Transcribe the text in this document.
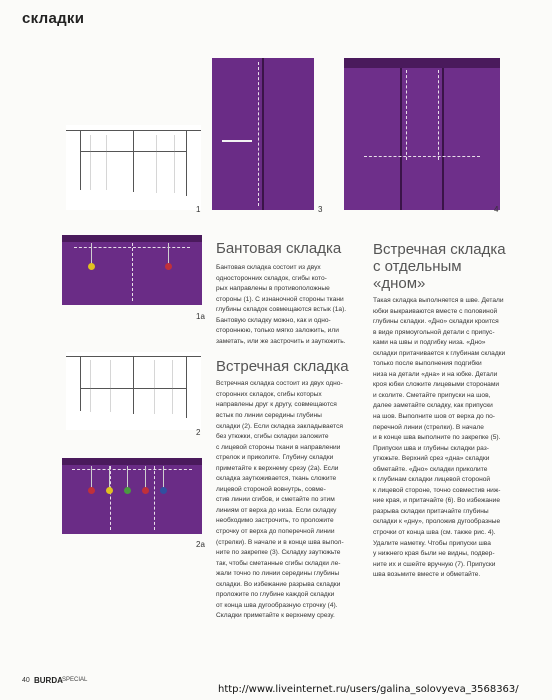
складки
1	3	4
1a
2
2a
Бантовая складка
Бантовая складка состоит из двух
односторонних складок, сгибы кото-
рых направлены в противоположные
стороны (1). С изнаночной стороны ткани
глубины складок совмещаются встык (1а).
Бантовую складку можно, как и одно-
стороннюю, только мягко заложить, или
заметать, или же застрочить и заутюжить.
Встречная складка
Встречная складка состоит из двух одно-
сторонних складок, сгибы которых
направлены друг к другу, совмещаются
встык по линии середины глубины
складки (2). Если складка закладывается
без утюжки, сгибы складки заложите
с лицевой стороны ткани в направлении
стрелок и приколите. Глубину складки
приметайте к верхнему срезу (2а). Если
складка заутюживается, ткань сложите
лицевой стороной вовнутрь, совме-
стив линии сгибов, и сметайте по этим
линиям от верха до низа. Если складку
необходимо застрочить, то проложите
строчку от верха до поперечной линии
(стрелки). В начале и в конце шва выпол-
ните по закрепке (3). Складку заутюжьте
так, чтобы сметанные сгибы складки ле-
жали точно по линии середины глубины
складки. Во избежание разрыва складки
проложите по глубине каждой складки
от конца шва дугообразную строчку (4).
Складки приметайте к верхнему срезу.
Встречная складка
с отдельным
«дном»
Такая складка выполняется в шве. Детали
юбки выкраиваются вместе с половиной
глубины складки. «Дно» складки кроится
в виде прямоугольной детали с припус-
ками на швы и подгибку низа. «Дно»
складки притачивается к глубинам складки
только после выполнения подгибки
низа на детали «дна» и на юбке. Детали
кроя юбки сложите лицевыми сторонами
и сколите. Сметайте припуски на шов,
далее заметайте складку, как припуски
на шов. Выполните шов от верха до по-
перечной линии (стрелки). В начале
и в конце шва выполните по закрепке (5).
Припуски шва и глубины складки раз-
утюжьте. Верхний срез «дна» складки
обметайте. «Дно» складки приколите
к глубинам складки лицевой стороной
к лицевой стороне, точно совместив ниж-
ние края, и притачайте (6). Во избежание
разрыва складки притачайте глубины
складки к «дну», проложив дугообразные
строчки от конца шва (см. также рис. 4).
Удалите наметку. Чтобы припуски шва
у нижнего края были не видны, подвер-
ните их и сшейте вручную (7). Припуски
шва возьмите вместе и обметайте.
40 BURDA SPECIAL
http://www.liveinternet.ru/users/galina_solovyeva_3568363/
